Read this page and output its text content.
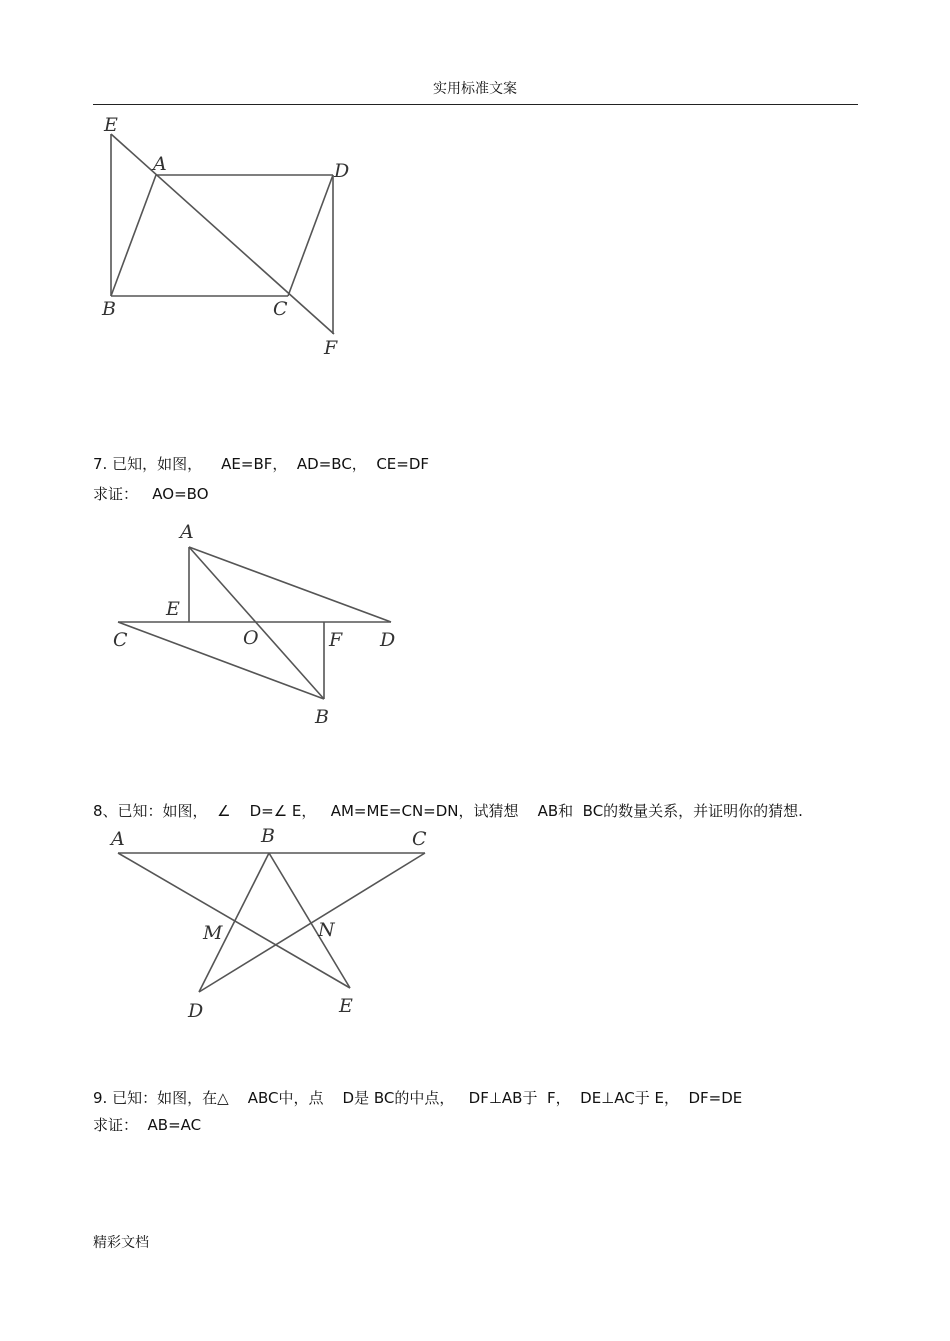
实用标准文案
E
A	D
B	C
F
7. 已知，如图，    AE=BF，  AD=BC，  CE=DF
求证：   AO=BO
A
E
C	O	F D
B
8、已知：如图，  ∠    D=∠ E，   AM=ME=CN=DN，试猜想    AB和  BC的数量关系，并证明你的猜想.
A	B	C
M	N
D	E
9. 已知：如图，在△    ABC中，点    D是 BC的中点，   DF⊥AB于  F，  DE⊥AC于 E，  DF=DE
求证：  AB=AC
精彩文档
